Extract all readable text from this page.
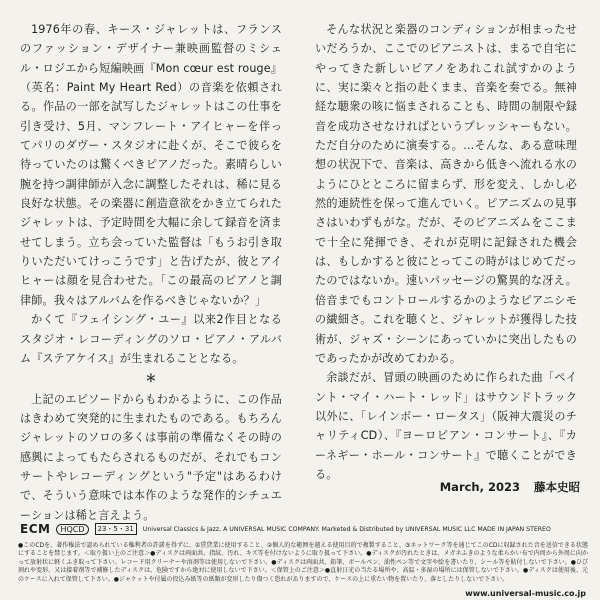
1976年の春、キース・ジャレットは、フランスのファッション・デザイナー兼映画監督のミシェル・ロジエから短編映画『Mon cœur est rouge』（英名：Paint My Heart Red）の音楽を依頼される。作品の一部を試写したジャレットはこの仕事を引き受け、5月、マンフレート・アイヒャーを伴ってパリのダヴー・スタジオに赴くが、そこで彼らを待っていたのは驚くべきピアノだった。素晴らしい腕を持つ調律師が入念に調整したそれは、稀に見る良好な状態。その楽器に創造意欲をかき立てられたジャレットは、予定時間を大幅に余して録音を済ませてしまう。立ち会っていた監督は「もうお引き取りいただいてけっこうです」と告げたが、彼とアイヒャーは顔を見合わせた。「この最高のピアノと調律師。我々はアルバムを作るべきじゃないか？」

かくて『フェイシング・ユー』以来2作目となるスタジオ・レコーディングのソロ・ピアノ・アルバム『ステアケイス』が生まれることとなる。

＊

上記のエピソードからもわかるように、この作品はきわめて突発的に生まれたものである。もちろんジャレットのソロの多くは事前の準備なくその時の感興によってもたらされるものだが、それでもコンサートやレコーディングという"予定"はあるわけで、そういう意味では本作のような発作的シチュエーションは稀と言えよう。

そんな状況と楽器のコンディションが相まったせいだろうか、ここでのピアニストは、まるで自宅にやってきた新しいピアノをあれこれ試すかのように、実に楽々と指の赴くまま、音楽を奏でる。無神経な聴衆の咳に悩まされることも、時間の制限や録音を成功させなければというプレッシャーもない。ただ自分のために演奏する。…そんな、ある意味理想の状況下で、音楽は、高きから低きへ流れる水のようにひとところに留まらず、形を変え、しかし必然的連続性を保って進んでいく。ピアニズムの見事さはいわずもがな。だが、そのピアニズムをここまで十全に発揮でき、それが克明に記録された機会は、もしかすると彼にとってこの時がはじめてだったのではないか。速いパッセージの驚異的な冴え。倍音までもコントロールするかのようなピアニシモの繊細さ。これを聴くと、ジャレットが獲得した技術が、ジャズ・シーンにあっていかに突出したものであったかが改めてわかる。

余談だが、冒頭の映画のために作られた曲「ペイント・マイ・ハート・レッド」はサウンドトラック以外に、「レインボー・ロータス」（阪神大震災のチャリティCD）、『ヨーロピアン・コンサート』、『カーネギー・ホール・コンサート』で聴くことができる。

March, 2023 藤本史昭
ECM	HQCD	23・5・31	Universal Classics & Jazz, A UNIVERSAL MUSIC COMPANY. Marketed & Distributed by UNIVERSAL MUSIC LLC MADE IN JAPAN STEREO
●このCDを、著作権法で認められている権利者の許諾を得ずに、①賃貸業に使用すること、②個人的な範囲を越える使用目的で複製すること、③ネットワーク等を通じてこのCDに収録された音を送信できる状態にすることを禁じます。＜取り扱い上のご注意＞●ディスクは両面共、指紋、汚れ、キズ等を付けないように取り扱って下さい。●ディスクが汚れたときは、メガネふきのような柔らかい布で内周から外周に向かって放射状に軽くふき取って下さい。レコード用クリーナーや溶剤等は使用しないで下さい。●ディスクは両面共、鉛筆、ボールペン、油性ペン等で文字や絵を書いたり、シール等を貼付しないで下さい。●ひび割れや変形、又は接着剤等で補修したディスクは、危険ですから絶対に使用しないで下さい。＜保管上のご注意＞●直射日光の当たる場所や、高温・多湿の場所には保管しないで下さい。●ディスクは使用後、元のケースに入れて保管して下さい。●ジャケットや付属の投込み紙等の紙類が変形したり傷つく恐れがありますので、ケースの上に重たい物を置いたり、落としたりしないで下さい。
www.universal-music.co.jp
